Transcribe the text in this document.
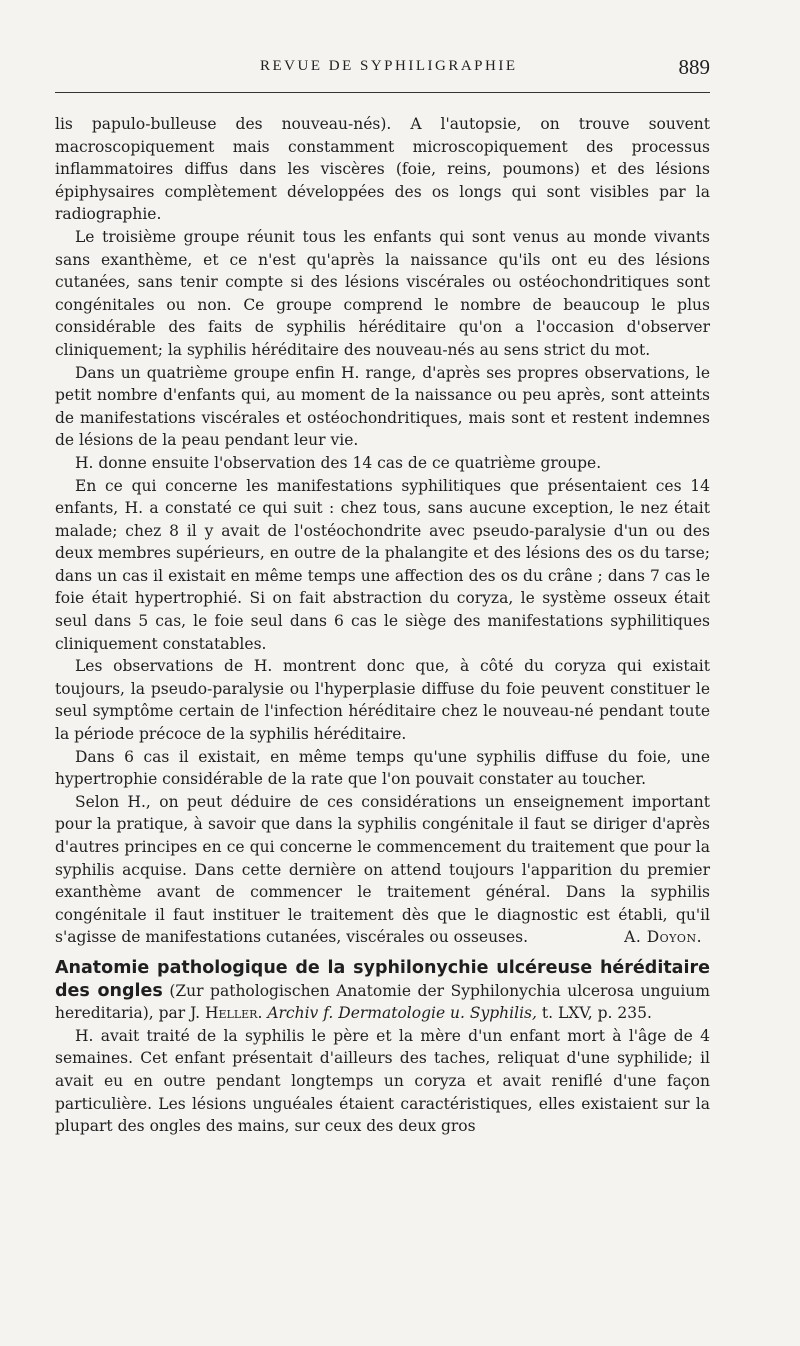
REVUE DE SYPHILIGRAPHIE	889

lis papulo-bulleuse des nouveau-nés). A l'autopsie, on trouve souvent macroscopiquement mais constamment microscopiquement des processus inflammatoires diffus dans les viscères (foie, reins, poumons) et des lésions épiphysaires complètement développées des os longs qui sont visibles par la radiographie.

Le troisième groupe réunit tous les enfants qui sont venus au monde vivants sans exanthème, et ce n'est qu'après la naissance qu'ils ont eu des lésions cutanées, sans tenir compte si des lésions viscérales ou ostéochondritiques sont congénitales ou non. Ce groupe comprend le nombre de beaucoup le plus considérable des faits de syphilis héréditaire qu'on a l'occasion d'observer cliniquement; la syphilis héréditaire des nouveau-nés au sens strict du mot.

Dans un quatrième groupe enfin H. range, d'après ses propres observations, le petit nombre d'enfants qui, au moment de la naissance ou peu après, sont atteints de manifestations viscérales et ostéochondritiques, mais sont et restent indemnes de lésions de la peau pendant leur vie.

H. donne ensuite l'observation des 14 cas de ce quatrième groupe.

En ce qui concerne les manifestations syphilitiques que présentaient ces 14 enfants, H. a constaté ce qui suit : chez tous, sans aucune exception, le nez était malade; chez 8 il y avait de l'ostéochondrite avec pseudo-paralysie d'un ou des deux membres supérieurs, en outre de la phalangite et des lésions des os du tarse; dans un cas il existait en même temps une affection des os du crâne ; dans 7 cas le foie était hypertrophié. Si on fait abstraction du coryza, le système osseux était seul dans 5 cas, le foie seul dans 6 cas le siège des manifestations syphilitiques cliniquement constatables.

Les observations de H. montrent donc que, à côté du coryza qui existait toujours, la pseudo-paralysie ou l'hyperplasie diffuse du foie peuvent constituer le seul symptôme certain de l'infection héréditaire chez le nouveau-né pendant toute la période précoce de la syphilis héréditaire.

Dans 6 cas il existait, en même temps qu'une syphilis diffuse du foie, une hypertrophie considérable de la rate que l'on pouvait constater au toucher.

Selon H., on peut déduire de ces considérations un enseignement important pour la pratique, à savoir que dans la syphilis congénitale il faut se diriger d'après d'autres principes en ce qui concerne le commencement du traitement que pour la syphilis acquise. Dans cette dernière on attend toujours l'apparition du premier exanthème avant de commencer le traitement général. Dans la syphilis congénitale il faut instituer le traitement dès que le diagnostic est établi, qu'il s'agisse de manifestations cutanées, viscérales ou osseuses.	A. Doyon.

Anatomie pathologique de la syphilonychie ulcéreuse héréditaire des ongles (Zur pathologischen Anatomie der Syphilonychia ulcerosa unguium hereditaria), par J. Heller. Archiv f. Dermatologie u. Syphilis, t. LXV, p. 235.

H. avait traité de la syphilis le père et la mère d'un enfant mort à l'âge de 4 semaines. Cet enfant présentait d'ailleurs des taches, reliquat d'une syphilide; il avait eu en outre pendant longtemps un coryza et avait reniflé d'une façon particulière. Les lésions unguéales étaient caractéristiques, elles existaient sur la plupart des ongles des mains, sur ceux des deux gros
